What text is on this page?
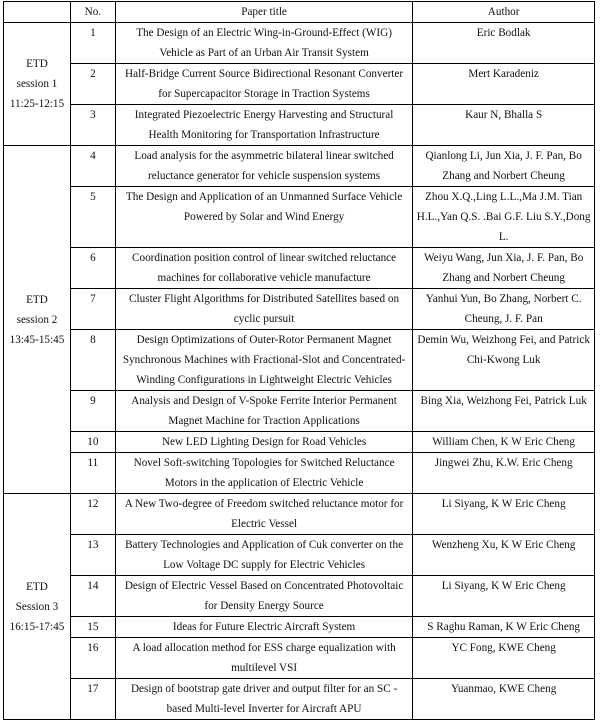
	No.	Paper title	Author

ETD
session 1
11:25-12:15	1	The Design of an Electric Wing-in-Ground-Effect (WIG) Vehicle as Part of an Urban Air Transit System	Eric Bodlak
	2	Half-Bridge Current Source Bidirectional Resonant Converter for Supercapacitor Storage in Traction Systems	Mert Karadeniz
	3	Integrated Piezoelectric Energy Harvesting and Structural Health Monitoring for Transportation Infrastructure	Kaur N, Bhalla S

ETD
session 2
13:45-15:45	4	Load analysis for the asymmetric bilateral linear switched reluctance generator for vehicle suspension systems	Qianlong Li, Jun Xia, J. F. Pan, Bo Zhang and Norbert Cheung
	5	The Design and Application of an Unmanned Surface Vehicle Powered by Solar and Wind Energy	Zhou X.Q.,Ling L.L.,Ma J.M. Tian H.L.,Yan Q.S. .Bai G.F. Liu S.Y.,Dong L.
	6	Coordination position control of linear switched reluctance machines for collaborative vehicle manufacture	Weiyu Wang, Jun Xia, J. F. Pan, Bo Zhang and Norbert Cheung
	7	Cluster Flight Algorithms for Distributed Satellites based on cyclic pursuit	Yanhui Yun, Bo Zhang, Norbert C. Cheung, J. F. Pan
	8	Design Optimizations of Outer-Rotor Permanent Magnet Synchronous Machines with Fractional-Slot and Concentrated-Winding Configurations in Lightweight Electric Vehicles	Demin Wu, Weizhong Fei, and Patrick Chi-Kwong Luk
	9	Analysis and Design of V-Spoke Ferrite Interior Permanent Magnet Machine for Traction Applications	Bing Xia, Weizhong Fei, Patrick Luk
	10	New LED Lighting Design for Road Vehicles	William Chen, K W Eric Cheng
	11	Novel Soft-switching Topologies for Switched Reluctance Motors in the application of Electric Vehicle	Jingwei Zhu, K.W. Eric Cheng

ETD
Session 3
16:15-17:45	12	A New Two-degree of Freedom switched reluctance motor for Electric Vessel	Li Siyang, K W Eric Cheng
	13	Battery Technologies and Application of Cuk converter on the Low Voltage DC supply for Electric Vehicles	Wenzheng Xu, K W Eric Cheng
	14	Design of Electric Vessel Based on Concentrated Photovoltaic for Density Energy Source	Li Siyang, K W Eric Cheng
	15	Ideas for Future Electric Aircraft System	S Raghu Raman, K W Eric Cheng
	16	A load allocation method for ESS charge equalization with multilevel VSI	YC Fong, KWE Cheng
	17	Design of bootstrap gate driver and output filter for an SC - based Multi-level Inverter for Aircraft APU	Yuanmao, KWE Cheng
